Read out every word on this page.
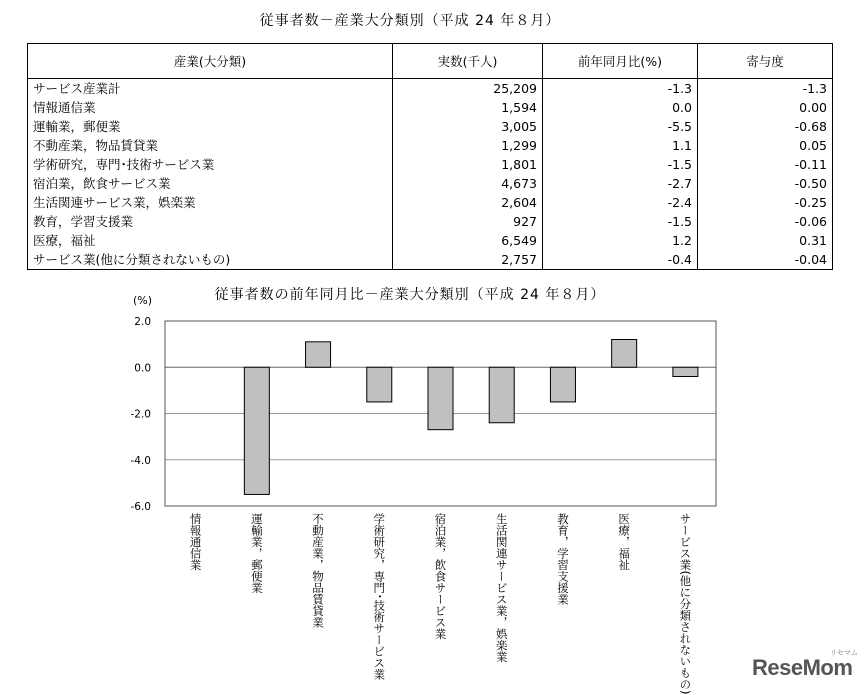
従事者数－産業大分類別（平成 24 年８月）
産業(大分類)	実数(千人)	前年同月比(%)	寄与度
サービス産業計	25,209	-1.3	-1.3
情報通信業	1,594	0.0	0.00
運輸業，郵便業	3,005	-5.5	-0.68
不動産業，物品賃貸業	1,299	1.1	0.05
学術研究，専門･技術サービス業	1,801	-1.5	-0.11
宿泊業，飲食サービス業	4,673	-2.7	-0.50
生活関連サービス業，娯楽業	2,604	-2.4	-0.25
教育，学習支援業	927	-1.5	-0.06
医療，福祉	6,549	1.2	0.31
サービス業(他に分類されないもの)	2,757	-0.4	-0.04
従事者数の前年同月比－産業大分類別（平成 24 年８月）
(%)
2.0
0.0
-2.0
-4.0
-6.0
情報通信業	運輸業，郵便業	不動産業，物品賃貸業	学術研究，専門･技術サービス業	宿泊業，飲食サービス業	生活関連サービス業，娯楽業	教育，学習支援業	医療，福祉	サービス業(他に分類されないもの)	リセマム
ReseMom
